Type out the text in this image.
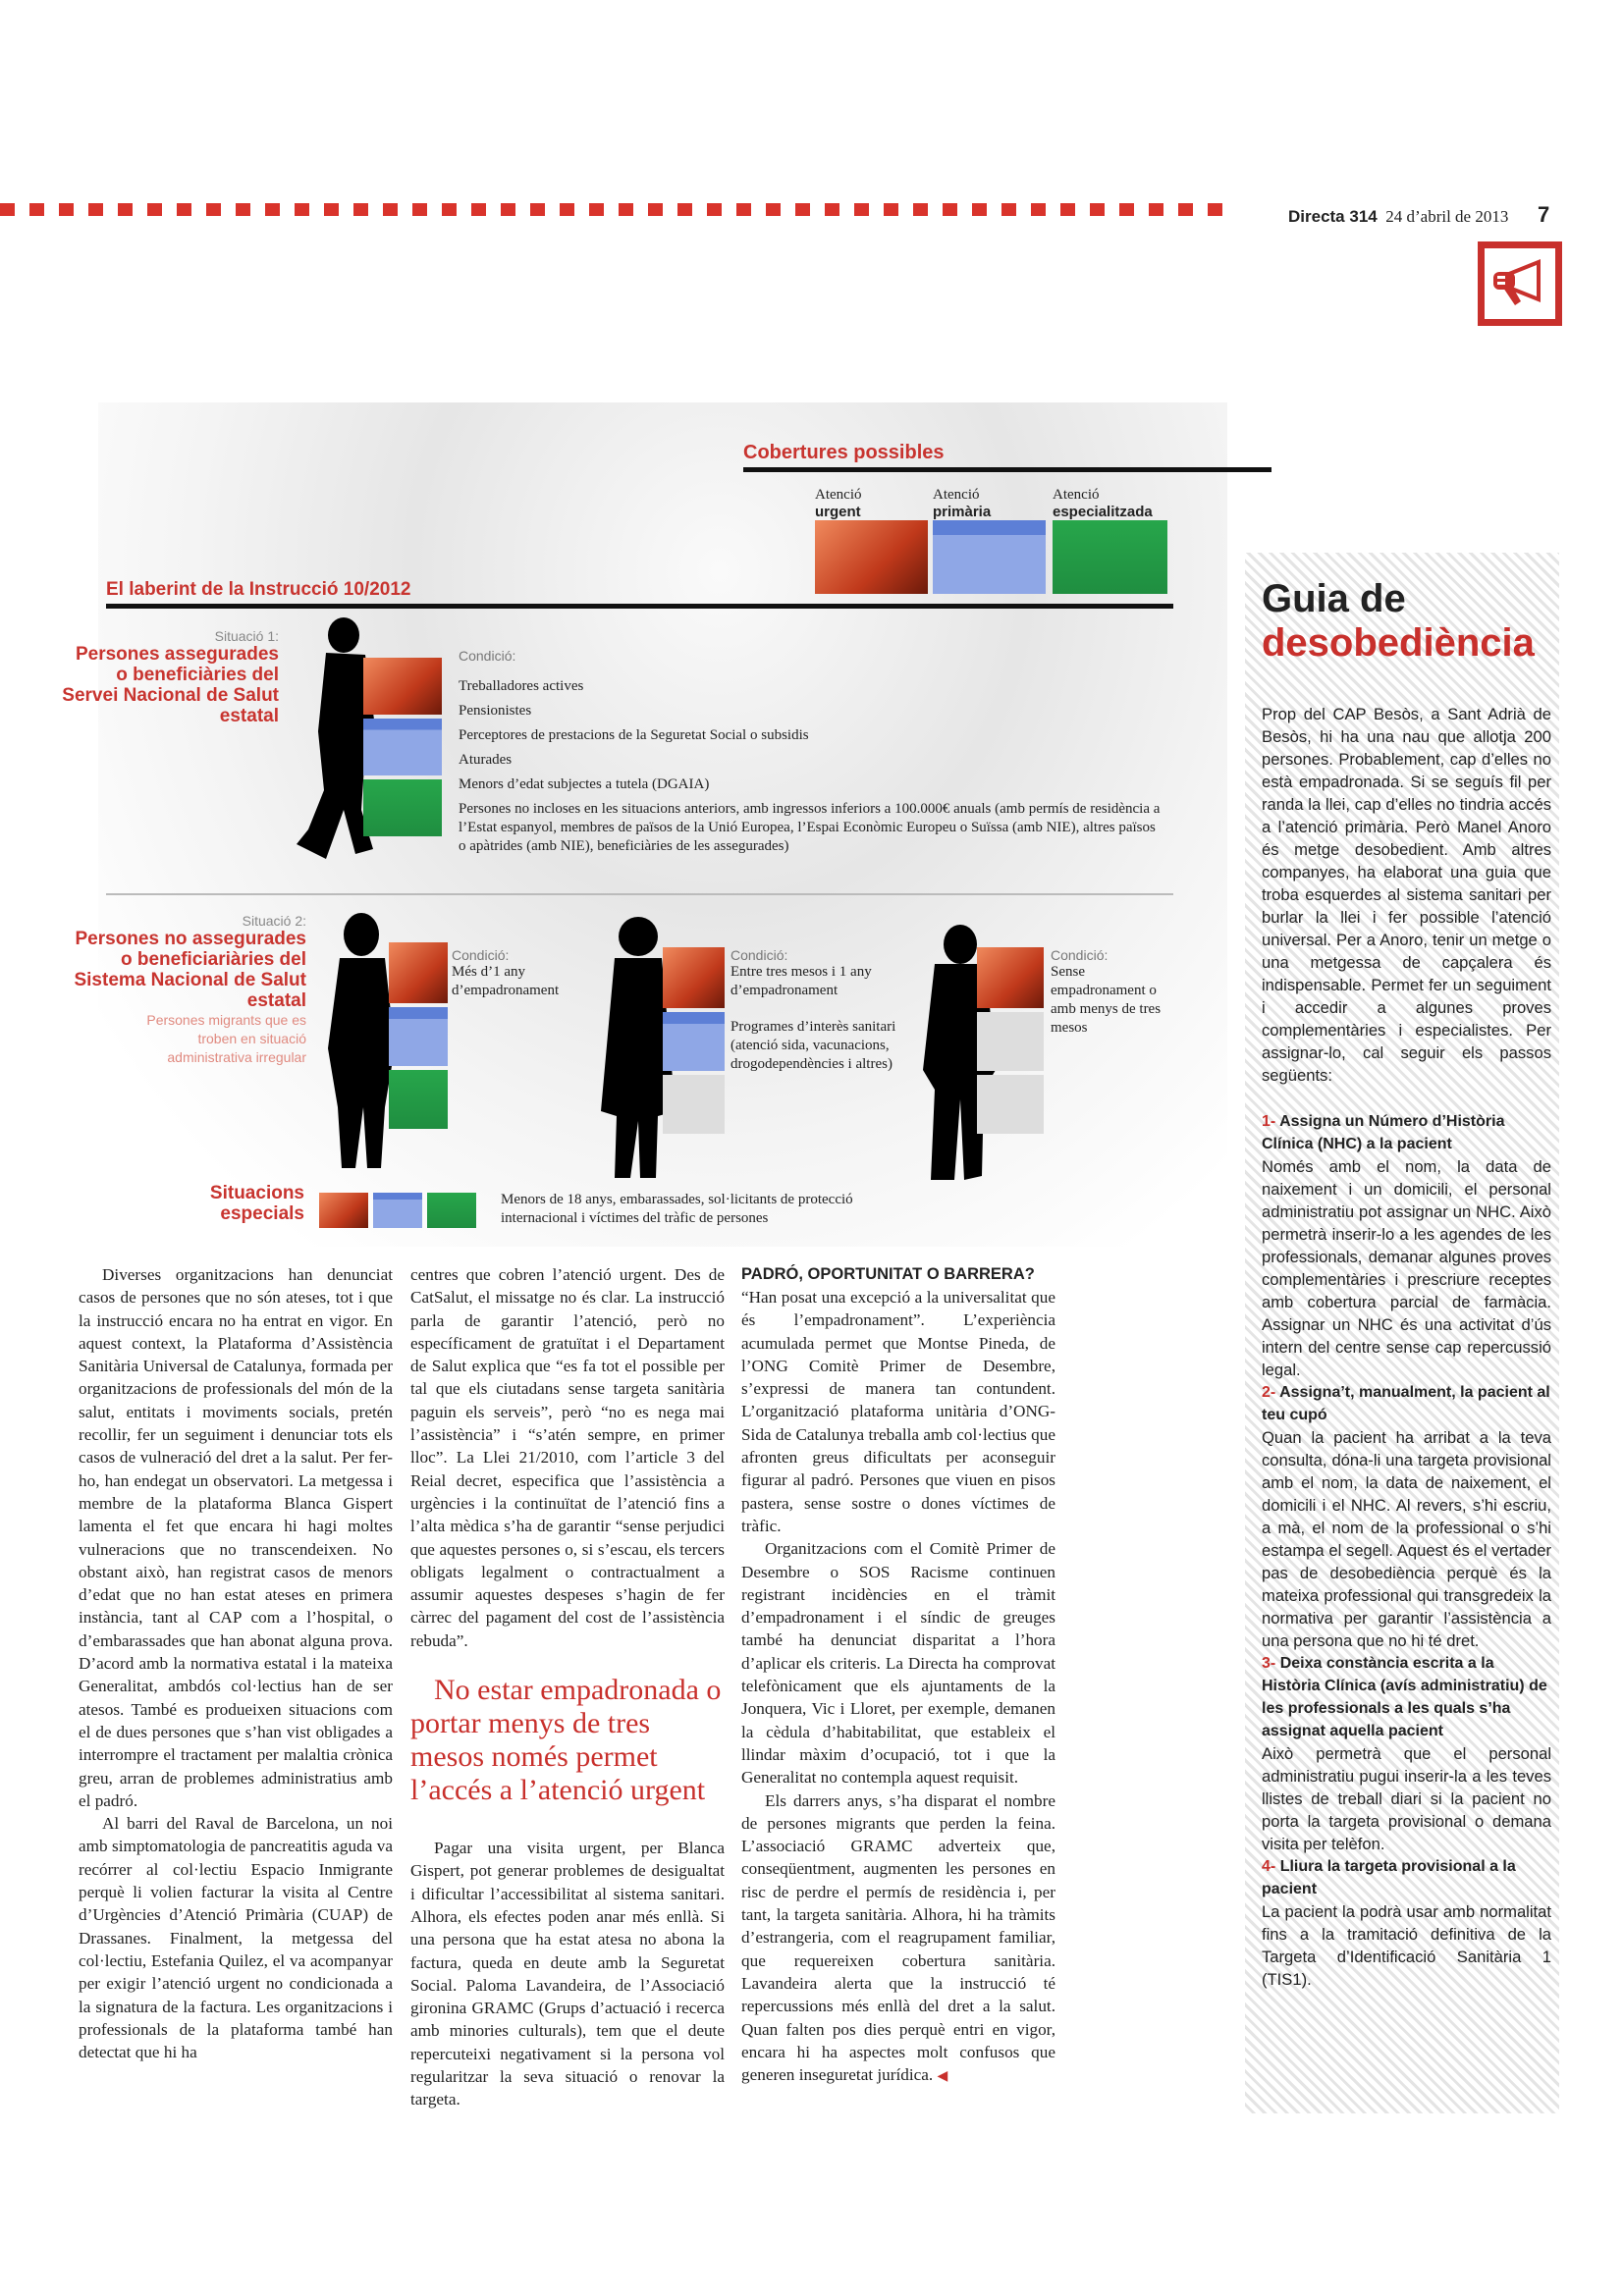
Directa 314 24 d’abril de 2013 7
Cobertures possibles
Atenció
urgent
Atenció
primària
Atenció
especialitzada
El laberint de la Instrucció 10/2012
Situació 1:
Persones assegurades o beneficiàries del Servei Nacional de Salut estatal
Condició:
Treballadores actives
Pensionistes
Perceptores de prestacions de la Seguretat Social o subsidis
Aturades
Menors d’edat subjectes a tutela (DGAIA)
Persones no incloses en les situacions anteriors, amb ingressos inferiors a 100.000€ anuals (amb permís de residència a l’Estat espanyol, membres de països de la Unió Europea, l’Espai Econòmic Europeu o Suïssa (amb NIE), altres països o apàtrides (amb NIE), beneficiàries de les assegurades)
Situació 2:
Persones no assegurades o beneficiariàries del Sistema Nacional de Salut estatal
Persones migrants que es troben en situació administrativa irregular
Condició:
Més d’1 any d’empadronament
Condició:
Entre tres mesos i 1 any d’empadronament
Programes d’interès sanitari (atenció sida, vacunacions, drogodependències i altres)
Condició:
Sense empadronament o amb menys de tres mesos
Situacions especials
Menors de 18 anys, embarassades, sol·licitants de protecció internacional i víctimes del tràfic de persones

Diverses organitzacions han denunciat casos de persones que no són ateses, tot i que la instrucció encara no ha entrat en vigor. En aquest context, la Plataforma d’Assistència Sanitària Universal de Catalunya, formada per organitzacions de professionals del món de la salut, entitats i moviments socials, pretén recollir, fer un seguiment i denunciar tots els casos de vulneració del dret a la salut. Per fer-ho, han endegat un observatori. La metgessa i membre de la plataforma Blanca Gispert lamenta el fet que encara hi hagi moltes vulneracions que no transcendeixen. No obstant això, han registrat casos de menors d’edat que no han estat ateses en primera instància, tant al CAP com a l’hospital, o d’embarassades que han abonat alguna prova. D’acord amb la normativa estatal i la mateixa Generalitat, ambdós col·lectius han de ser atesos. També es produeixen situacions com el de dues persones que s’han vist obligades a interrompre el tractament per malaltia crònica greu, arran de problemes administratius amb el padró.

Al barri del Raval de Barcelona, un noi amb simptomatologia de pancreatitis aguda va recórrer al col·lectiu Espacio Inmigrante perquè li volien facturar la visita al Centre d’Urgències d’Atenció Primària (CUAP) de Drassanes. Finalment, la metgessa del col·lectiu, Estefania Quilez, el va acompanyar per exigir l’atenció urgent no condicionada a la signatura de la factura. Les organitzacions i professionals de la plataforma també han detectat que hi ha

centres que cobren l’atenció urgent. Des de CatSalut, el missatge no és clar. La instrucció parla de garantir l’atenció, però no específicament de gratuïtat i el Departament de Salut explica que “es fa tot el possible per tal que els ciutadans sense targeta sanitària paguin els serveis”, però “no es nega mai l’assistència” i “s’atén sempre, en primer lloc”. La Llei 21/2010, com l’article 3 del Reial decret, especifica que l’assistència a urgències i la continuïtat de l’atenció fins a l’alta mèdica s’ha de garantir “sense perjudici que aquestes persones o, si s’escau, els tercers obligats legalment o contractualment a assumir aquestes despeses s’hagin de fer càrrec del pagament del cost de l’assistència rebuda”.

No estar empadronada o portar menys de tres mesos només permet l’accés a l’atenció urgent

Pagar una visita urgent, per Blanca Gispert, pot generar problemes de desigualtat i dificultar l’accessibilitat al sistema sanitari. Alhora, els efectes poden anar més enllà. Si una persona que ha estat atesa no abona la factura, queda en deute amb la Seguretat Social. Paloma Lavandeira, de l’Associació gironina GRAMC (Grups d’actuació i recerca amb minories culturals), tem que el deute repercuteixi negativament si la persona vol regularitzar la seva situació o renovar la targeta.

PADRÓ, OPORTUNITAT O BARRERA?

“Han posat una excepció a la universalitat que és l’empadronament”. L’experiència acumulada permet que Montse Pineda, de l’ONG Comitè Primer de Desembre, s’expressi de manera tan contundent. L’organització plataforma unitària d’ONG-Sida de Catalunya treballa amb col·lectius que afronten greus dificultats per aconseguir figurar al padró. Persones que viuen en pisos pastera, sense sostre o dones víctimes de tràfic.

Organitzacions com el Comitè Primer de Desembre o SOS Racisme continuen registrant incidències en el tràmit d’empadronament i el síndic de greuges també ha denunciat disparitat a l’hora d’aplicar els criteris. La Directa ha comprovat telefònicament que els ajuntaments de la Jonquera, Vic i Lloret, per exemple, demanen la cèdula d’habitabilitat, que estableix el llindar màxim d’ocupació, tot i que la Generalitat no contempla aquest requisit.

Els darrers anys, s’ha disparat el nombre de persones migrants que perden la feina. L’associació GRAMC adverteix que, conseqüentment, augmenten les persones en risc de perdre el permís de residència i, per tant, la targeta sanitària. Alhora, hi ha tràmits d’estrangeria, com el reagrupament familiar, que requereixen cobertura sanitària. Lavandeira alerta que la instrucció té repercussions més enllà del dret a la salut. Quan falten pos dies perquè entri en vigor, encara hi ha aspectes molt confusos que generen inseguretat jurídica. ◀

Guia de
desobediència

Prop del CAP Besòs, a Sant Adrià de Besòs, hi ha una nau que allotja 200 persones. Probablement, cap d’elles no està empadronada. Si se seguís fil per randa la llei, cap d’elles no tindria accés a l’atenció primària. Però Manel Anoro és metge desobedient. Amb altres companyes, ha elaborat una guia que troba esquerdes al sistema sanitari per burlar la llei i fer possible l’atenció universal. Per a Anoro, tenir un metge o una metgessa de capçalera és indispensable. Permet fer un seguiment i accedir a algunes proves complementàries i especialistes. Per assignar-lo, cal seguir els passos següents:

1- Assigna un Número d’Història Clínica (NHC) a la pacient

Només amb el nom, la data de naixement i un domicili, el personal administratiu pot assignar un NHC. Això permetrà inserir-lo a les agendes de les professionals, demanar algunes proves complementàries i prescriure receptes amb cobertura parcial de farmàcia. Assignar un NHC és una activitat d’ús intern del centre sense cap repercussió legal.

2- Assigna’t, manualment, la pacient al teu cupó

Quan la pacient ha arribat a la teva consulta, dóna-li una targeta provisional amb el nom, la data de naixement, el domicili i el NHC. Al revers, s’hi escriu, a mà, el nom de la professional o s’hi estampa el segell. Aquest és el vertader pas de desobediència perquè és la mateixa professional qui transgredeix la normativa per garantir l’assistència a una persona que no hi té dret.

3- Deixa constància escrita a la Història Clínica (avís administratiu) de les professionals a les quals s’ha assignat aquella pacient

Això permetrà que el personal administratiu pugui inserir-la a les teves llistes de treball diari si la pacient no porta la targeta provisional o demana visita per telèfon.

4- Lliura la targeta provisional a la pacient

La pacient la podrà usar amb normalitat fins a la tramitació definitiva de la Targeta d’Identificació Sanitària 1 (TIS1).
